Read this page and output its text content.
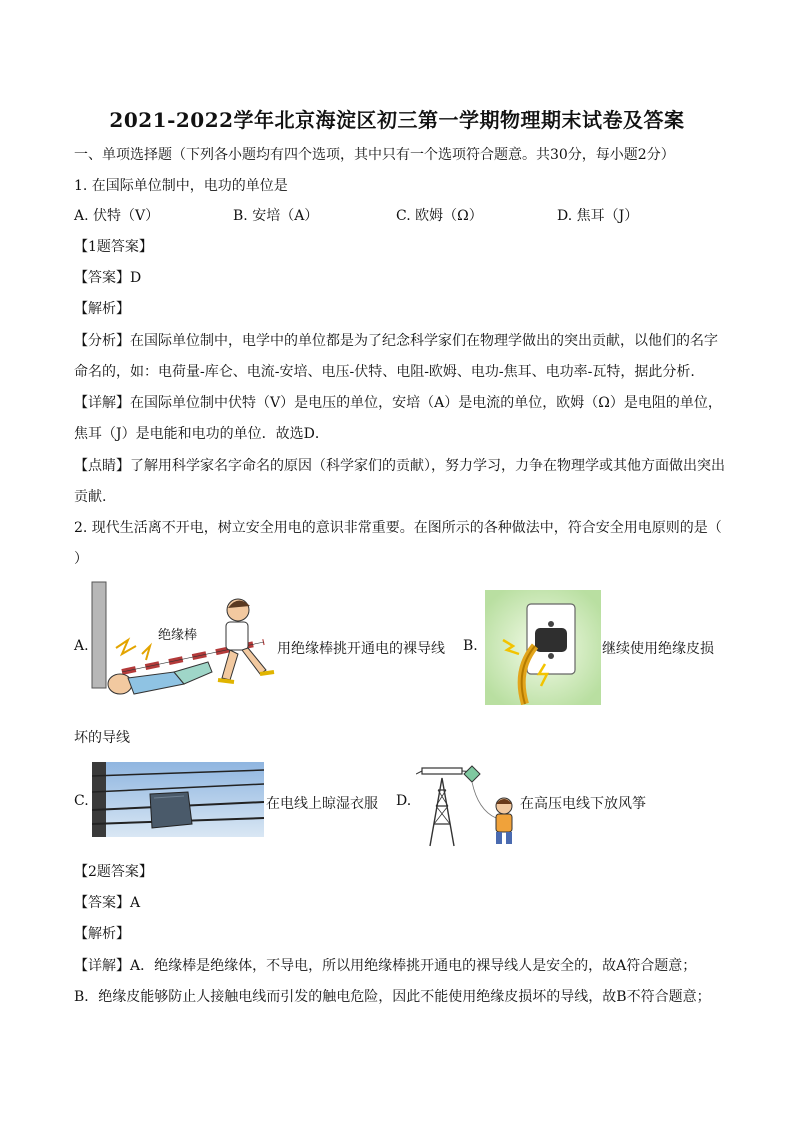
2021-2022学年北京海淀区初三第一学期物理期末试卷及答案
一、单项选择题（下列各小题均有四个选项，其中只有一个选项符合题意。共30分，每小题2分）
1. 在国际单位制中，电功的单位是
A. 伏特（V）	B. 安培（A）	C. 欧姆（Ω）	D. 焦耳（J）
【1题答案】
【答案】D
【解析】
【分析】在国际单位制中，电学中的单位都是为了纪念科学家们在物理学做出的突出贡献，以他们的名字
命名的，如：电荷量-库仑、电流-安培、电压-伏特、电阻-欧姆、电功-焦耳、电功率-瓦特，据此分析.
【详解】在国际单位制中伏特（V）是电压的单位，安培（A）是电流的单位，欧姆（Ω）是电阻的单位，
焦耳（J）是电能和电功的单位．故选D．
【点睛】了解用科学家名字命名的原因（科学家们的贡献），努力学习，力争在物理学或其他方面做出突出
贡献.
2. 现代生活离不开电，树立安全用电的意识非常重要。在图所示的各种做法中，符合安全用电原则的是（
）
A.
绝缘棒
用绝缘棒挑开通电的裸导线 B.	继续使用绝缘皮损
坏的导线
C.	在电线上晾湿衣服 D.	在高压电线下放风筝
【2题答案】
【答案】A
【解析】
【详解】A．绝缘棒是绝缘体，不导电，所以用绝缘棒挑开通电的裸导线人是安全的，故A符合题意；
B．绝缘皮能够防止人接触电线而引发的触电危险，因此不能使用绝缘皮损坏的导线，故B不符合题意；
